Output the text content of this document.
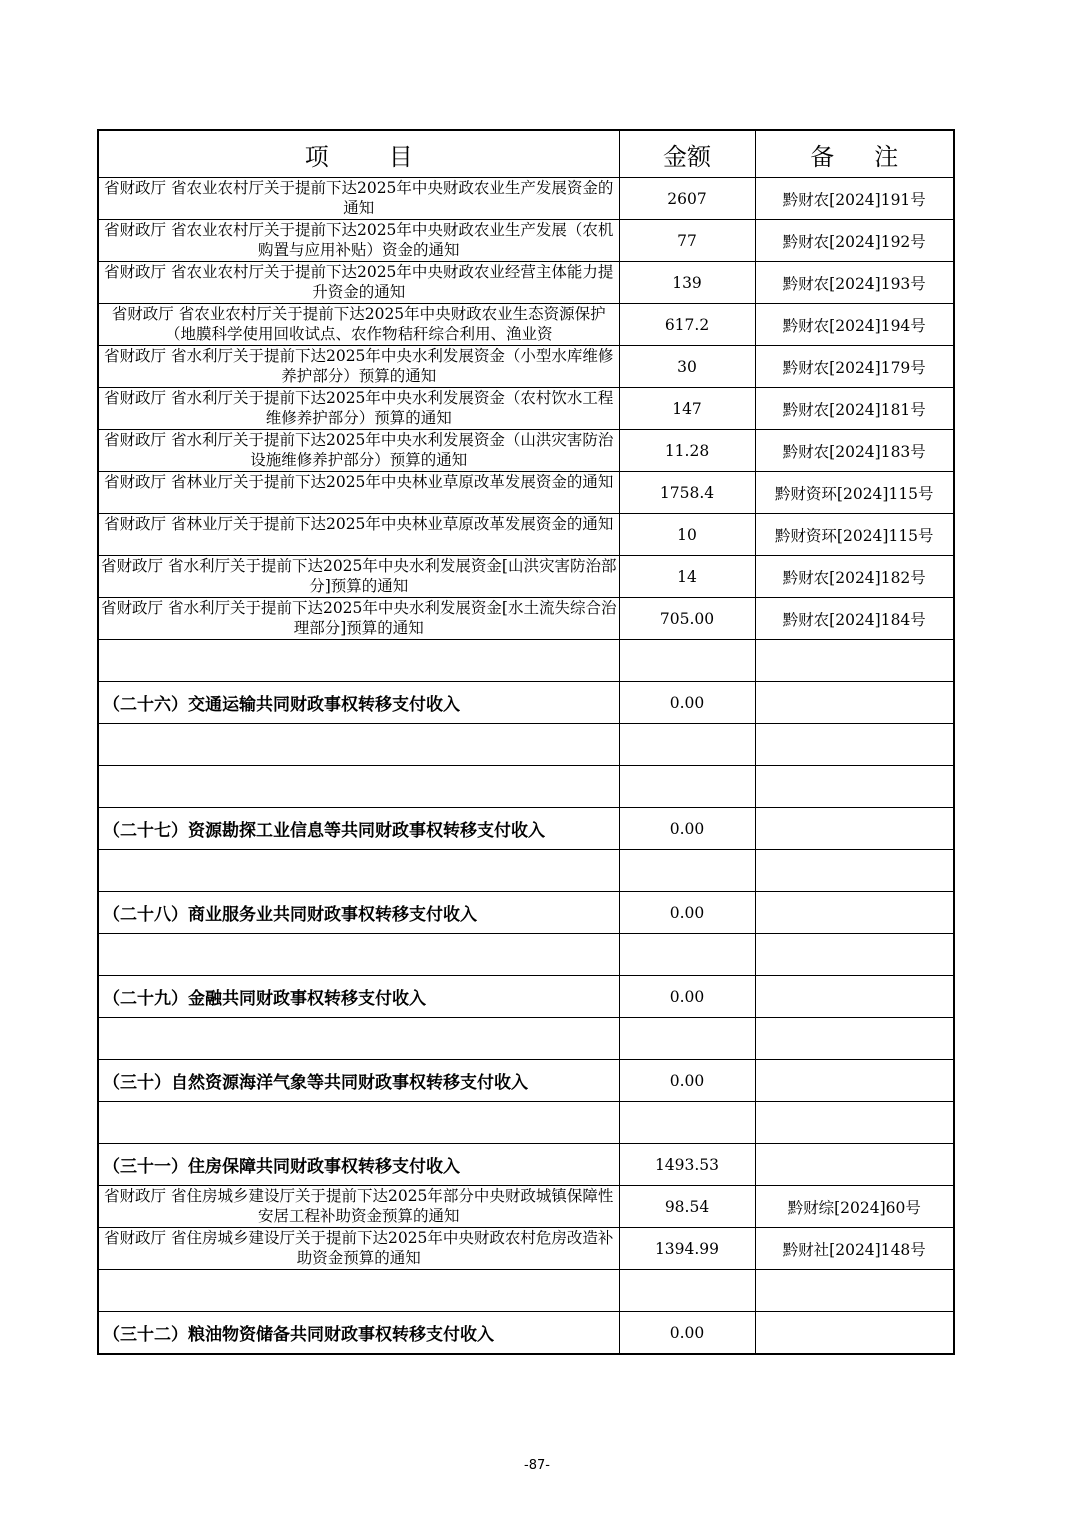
项目	金额	备注

省财政厅 省农业农村厅关于提前下达2025年中央财政农业生产发展资金的通知	2607	黔财农[2024]191号

省财政厅 省农业农村厅关于提前下达2025年中央财政农业生产发展（农机购置与应用补贴）资金的通知	77	黔财农[2024]192号

省财政厅 省农业农村厅关于提前下达2025年中央财政农业经营主体能力提升资金的通知	139	黔财农[2024]193号

省财政厅 省农业农村厅关于提前下达2025年中央财政农业生态资源保护（地膜科学使用回收试点、农作物秸秆综合利用、渔业资	617.2	黔财农[2024]194号

省财政厅 省水利厅关于提前下达2025年中央水利发展资金（小型水库维修养护部分）预算的通知	30	黔财农[2024]179号

省财政厅 省水利厅关于提前下达2025年中央水利发展资金（农村饮水工程维修养护部分）预算的通知	147	黔财农[2024]181号

省财政厅 省水利厅关于提前下达2025年中央水利发展资金（山洪灾害防治设施维修养护部分）预算的通知	11.28	黔财农[2024]183号

省财政厅 省林业厅关于提前下达2025年中央林业草原改革发展资金的通知	1758.4	黔财资环[2024]115号

省财政厅 省林业厅关于提前下达2025年中央林业草原改革发展资金的通知	10	黔财资环[2024]115号

省财政厅 省水利厅关于提前下达2025年中央水利发展资金[山洪灾害防治部分]预算的通知	14	黔财农[2024]182号

省财政厅 省水利厅关于提前下达2025年中央水利发展资金[水土流失综合治理部分]预算的通知	705.00	黔财农[2024]184号

（二十六）交通运输共同财政事权转移支付收入	0.00	

（二十七）资源勘探工业信息等共同财政事权转移支付收入	0.00	

（二十八）商业服务业共同财政事权转移支付收入	0.00	

（二十九）金融共同财政事权转移支付收入	0.00	

（三十）自然资源海洋气象等共同财政事权转移支付收入	0.00	

（三十一）住房保障共同财政事权转移支付收入	1493.53	

省财政厅 省住房城乡建设厅关于提前下达2025年部分中央财政城镇保障性安居工程补助资金预算的通知	98.54	黔财综[2024]60号

省财政厅 省住房城乡建设厅关于提前下达2025年中央财政农村危房改造补助资金预算的通知	1394.99	黔财社[2024]148号

（三十二）粮油物资储备共同财政事权转移支付收入	0.00	
-87-
